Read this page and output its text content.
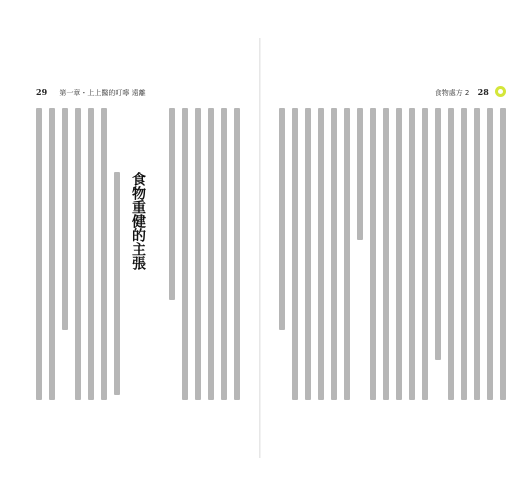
29 第一章・上上醫的叮嚀 遠離
食物重健的主張
食物處方 2 28
